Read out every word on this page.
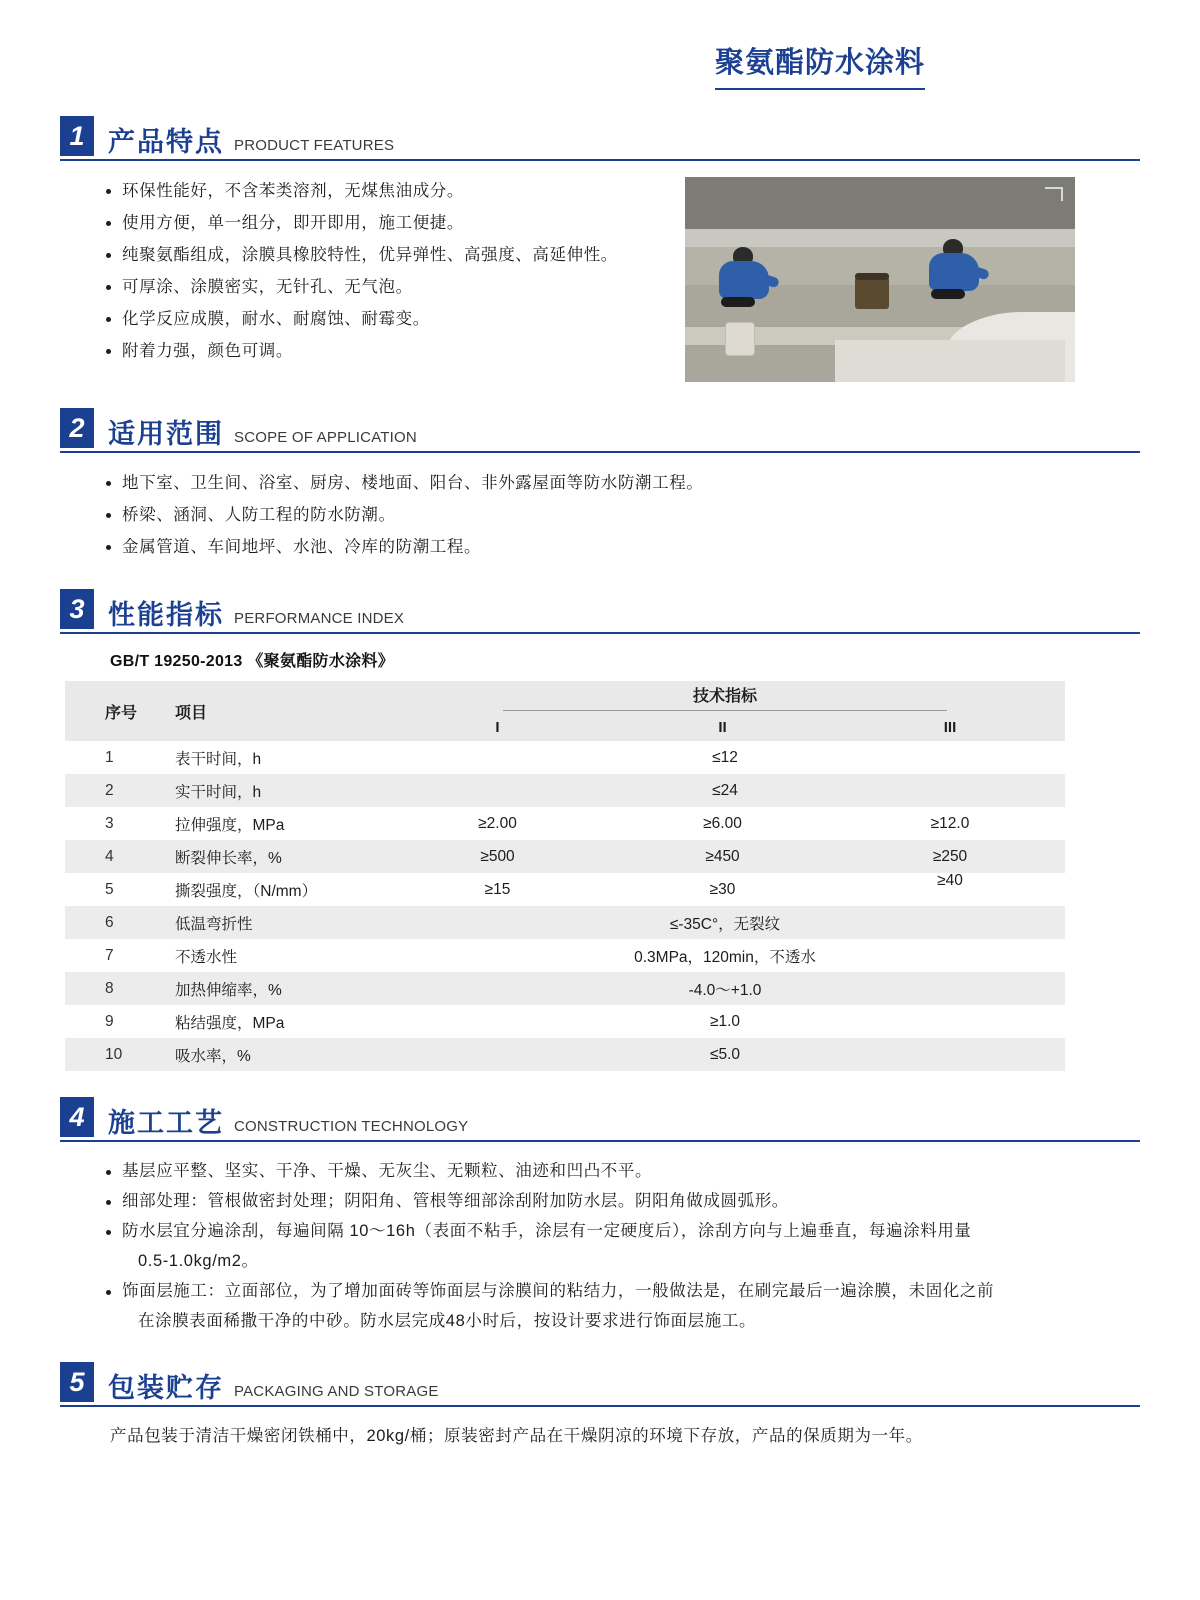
聚氨酯防水涂料
1 产品特点 PRODUCT FEATURES
环保性能好，不含苯类溶剂，无煤焦油成分。
使用方便，单一组分，即开即用，施工便捷。
纯聚氨酯组成，涂膜具橡胶特性，优异弹性、高强度、高延伸性。
可厚涂、涂膜密实，无针孔、无气泡。
化学反应成膜，耐水、耐腐蚀、耐霉变。
附着力强，颜色可调。
2 适用范围 SCOPE OF APPLICATION
地下室、卫生间、浴室、厨房、楼地面、阳台、非外露屋面等防水防潮工程。
桥梁、涵洞、人防工程的防水防潮。
金属管道、车间地坪、水池、冷库的防潮工程。
3 性能指标 PERFORMANCE INDEX
GB/T 19250-2013 《聚氨酯防水涂料》
序号	项目	技术指标		
		I	II	III
1	表干时间，h	≤12		
2	实干时间，h	≤24		
3	拉伸强度，MPa	≥2.00	≥6.00	≥12.0
4	断裂伸长率，%	≥500	≥450	≥250
5	撕裂强度，（N/mm）	≥15	≥30	≥40
6	低温弯折性	≤-35C°，无裂纹		
7	不透水性	0.3MPa，120min，不透水		
8	加热伸缩率，%	-4.0～+1.0		
9	粘结强度，MPa	≥1.0		
10	吸水率，%	≤5.0		
4 施工工艺 CONSTRUCTION TECHNOLOGY
基层应平整、坚实、干净、干燥、无灰尘、无颗粒、油迹和凹凸不平。
细部处理：管根做密封处理；阴阳角、管根等细部涂刮附加防水层。阴阳角做成圆弧形。
防水层宜分遍涂刮，每遍间隔 10～16h（表面不粘手，涂层有一定硬度后），涂刮方向与上遍垂直，每遍涂料用量
0.5-1.0kg/m2。
饰面层施工：立面部位，为了增加面砖等饰面层与涂膜间的粘结力，一般做法是，在刷完最后一遍涂膜，未固化之前
在涂膜表面稀撒干净的中砂。防水层完成48小时后，按设计要求进行饰面层施工。
5 包装贮存 PACKAGING AND STORAGE
产品包装于清洁干燥密闭铁桶中，20kg/桶；原装密封产品在干燥阴凉的环境下存放，产品的保质期为一年。
